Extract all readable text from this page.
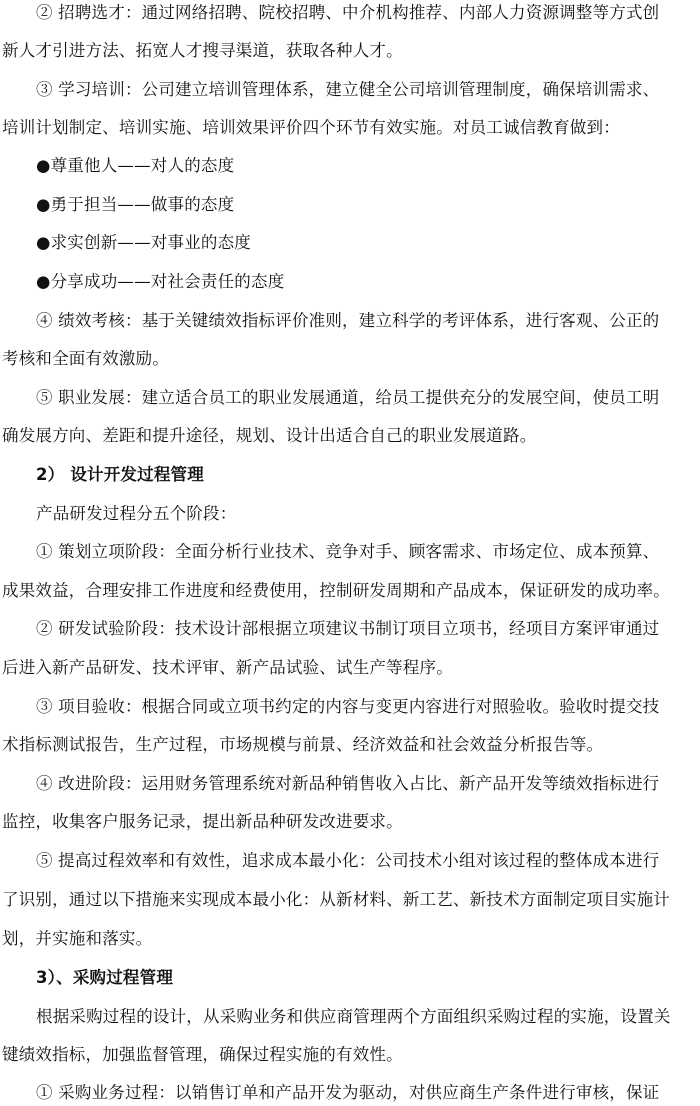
② 招聘选才：通过网络招聘、院校招聘、中介机构推荐、内部人力资源调整等方式创
新人才引进方法、拓宽人才搜寻渠道，获取各种人才。
③ 学习培训：公司建立培训管理体系，建立健全公司培训管理制度，确保培训需求、
培训计划制定、培训实施、培训效果评价四个环节有效实施。对员工诚信教育做到：
●尊重他人——对人的态度
●勇于担当——做事的态度
●求实创新——对事业的态度
●分享成功——对社会责任的态度
④ 绩效考核：基于关键绩效指标评价准则，建立科学的考评体系，进行客观、公正的
考核和全面有效激励。
⑤ 职业发展：建立适合员工的职业发展通道，给员工提供充分的发展空间，使员工明
确发展方向、差距和提升途径，规划、设计出适合自己的职业发展道路。
2） 设计开发过程管理
产品研发过程分五个阶段：
① 策划立项阶段：全面分析行业技术、竞争对手、顾客需求、市场定位、成本预算、
成果效益，合理安排工作进度和经费使用，控制研发周期和产品成本，保证研发的成功率。
② 研发试验阶段：技术设计部根据立项建议书制订项目立项书，经项目方案评审通过
后进入新产品研发、技术评审、新产品试验、试生产等程序。
③ 项目验收：根据合同或立项书约定的内容与变更内容进行对照验收。验收时提交技
术指标测试报告，生产过程，市场规模与前景、经济效益和社会效益分析报告等。
④ 改进阶段：运用财务管理系统对新品种销售收入占比、新产品开发等绩效指标进行
监控，收集客户服务记录，提出新品种研发改进要求。
⑤ 提高过程效率和有效性，追求成本最小化：公司技术小组对该过程的整体成本进行
了识别，通过以下措施来实现成本最小化：从新材料、新工艺、新技术方面制定项目实施计
划，并实施和落实。
3）、采购过程管理
根据采购过程的设计，从采购业务和供应商管理两个方面组织采购过程的实施，设置关
键绩效指标，加强监督管理，确保过程实施的有效性。
① 采购业务过程：以销售订单和产品开发为驱动，对供应商生产条件进行审核，保证
